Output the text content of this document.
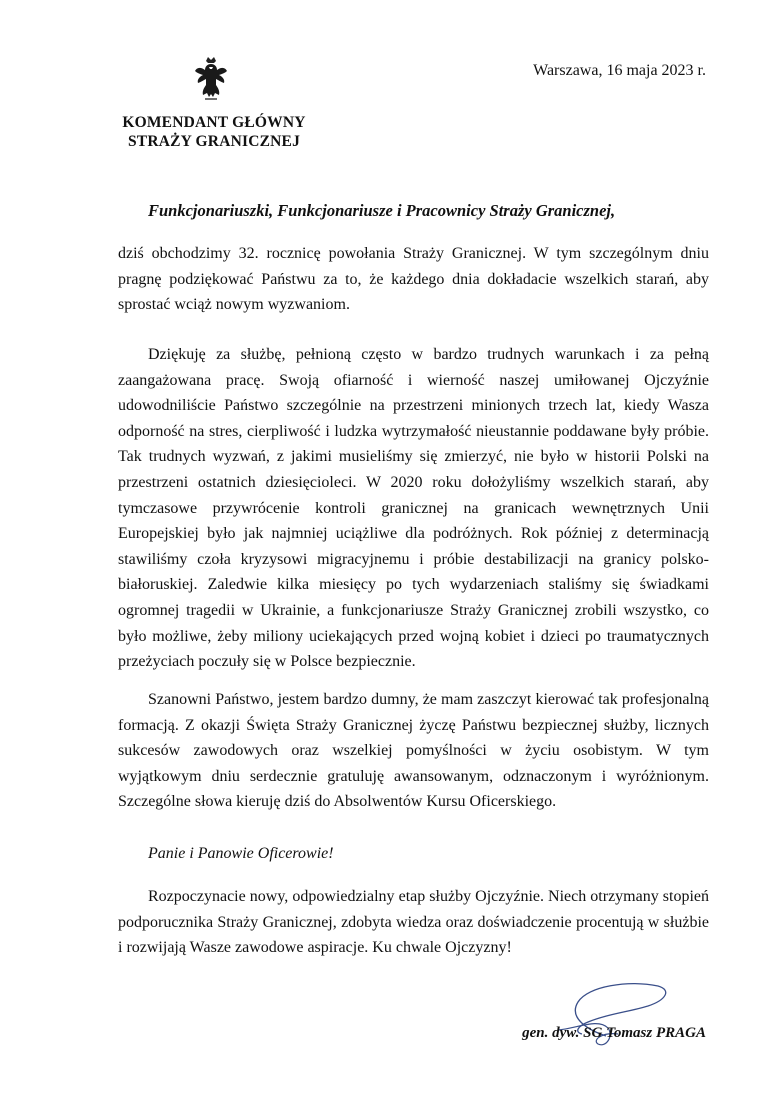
KOMENDANT GŁÓWNY
STRAŻY GRANICZNEJ
Warszawa, 16 maja 2023 r.
Funkcjonariuszki, Funkcjonariusze i Pracownicy Straży Granicznej,

dziś obchodzimy 32. rocznicę powołania Straży Granicznej. W tym szczególnym dniu pragnę podziękować Państwu za to, że każdego dnia dokładacie wszelkich starań, aby sprostać wciąż nowym wyzwaniom.

Dziękuję za służbę, pełnioną często w bardzo trudnych warunkach i za pełną zaangażowana pracę. Swoją ofiarność i wierność naszej umiłowanej Ojczyźnie udowodniliście Państwo szczególnie na przestrzeni minionych trzech lat, kiedy Wasza odporność na stres, cierpliwość i ludzka wytrzymałość nieustannie poddawane były próbie. Tak trudnych wyzwań, z jakimi musieliśmy się zmierzyć, nie było w historii Polski na przestrzeni ostatnich dziesięcioleci. W 2020 roku dołożyliśmy wszelkich starań, aby tymczasowe przywrócenie kontroli granicznej na granicach wewnętrznych Unii Europejskiej było jak najmniej uciążliwe dla podróżnych. Rok później z determinacją stawiliśmy czoła kryzysowi migracyjnemu i próbie destabilizacji na granicy polsko-białoruskiej. Zaledwie kilka miesięcy po tych wydarzeniach staliśmy się świadkami ogromnej tragedii w Ukrainie, a funkcjonariusze Straży Granicznej zrobili wszystko, co było możliwe, żeby miliony uciekających przed wojną kobiet i dzieci po traumatycznych przeżyciach poczuły się w Polsce bezpiecznie.

Szanowni Państwo, jestem bardzo dumny, że mam zaszczyt kierować tak profesjonalną formacją. Z okazji Święta Straży Granicznej życzę Państwu bezpiecznej służby, licznych sukcesów zawodowych oraz wszelkiej pomyślności w życiu osobistym. W tym wyjątkowym dniu serdecznie gratuluję awansowanym, odznaczonym i wyróżnionym. Szczególne słowa kieruję dziś do Absolwentów Kursu Oficerskiego.

Panie i Panowie Oficerowie!

Rozpoczynacie nowy, odpowiedzialny etap służby Ojczyźnie. Niech otrzymany stopień podporucznika Straży Granicznej, zdobyta wiedza oraz doświadczenie procentują w służbie i rozwijają Wasze zawodowe aspiracje. Ku chwale Ojczyzny!

gen. dyw. SG Tomasz PRAGA
